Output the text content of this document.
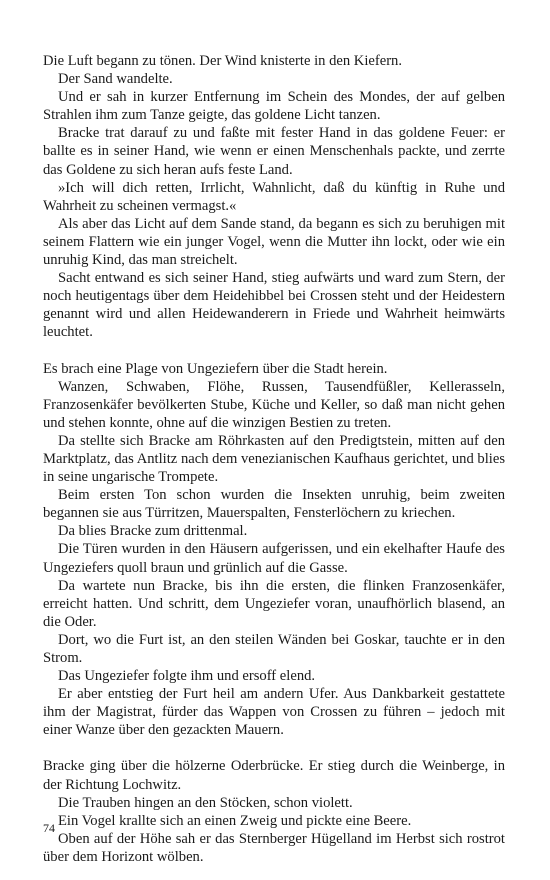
Die Luft begann zu tönen. Der Wind knisterte in den Kiefern.

Der Sand wandelte.

Und er sah in kurzer Entfernung im Schein des Mondes, der auf gelben Strahlen ihm zum Tanze geigte, das goldene Licht tanzen.

Bracke trat darauf zu und faßte mit fester Hand in das goldene Feuer: er ballte es in seiner Hand, wie wenn er einen Menschenhals packte, und zerrte das Goldene zu sich heran aufs feste Land.

»Ich will dich retten, Irrlicht, Wahnlicht, daß du künftig in Ruhe und Wahrheit zu scheinen vermagst.«

Als aber das Licht auf dem Sande stand, da begann es sich zu beruhigen mit seinem Flattern wie ein junger Vogel, wenn die Mutter ihn lockt, oder wie ein unruhig Kind, das man streichelt.

Sacht entwand es sich seiner Hand, stieg aufwärts und ward zum Stern, der noch heutigentags über dem Heidehibbel bei Crossen steht und der Heidestern genannt wird und allen Heidewanderern in Friede und Wahrheit heimwärts leuchtet.

Es brach eine Plage von Ungeziefern über die Stadt herein.

Wanzen, Schwaben, Flöhe, Russen, Tausendfüßler, Kellerasseln, Franzosenkäfer bevölkerten Stube, Küche und Keller, so daß man nicht gehen und stehen konnte, ohne auf die winzigen Bestien zu treten.

Da stellte sich Bracke am Röhrkasten auf den Predigtstein, mitten auf den Marktplatz, das Antlitz nach dem venezianischen Kaufhaus gerichtet, und blies in seine ungarische Trompete.

Beim ersten Ton schon wurden die Insekten unruhig, beim zweiten begannen sie aus Türritzen, Mauerspalten, Fensterlöchern zu kriechen.

Da blies Bracke zum drittenmal.

Die Türen wurden in den Häusern aufgerissen, und ein ekelhafter Haufe des Ungeziefers quoll braun und grünlich auf die Gasse.

Da wartete nun Bracke, bis ihn die ersten, die flinken Franzosenkäfer, erreicht hatten. Und schritt, dem Ungeziefer voran, unaufhörlich blasend, an die Oder.

Dort, wo die Furt ist, an den steilen Wänden bei Goskar, tauchte er in den Strom.

Das Ungeziefer folgte ihm und ersoff elend.

Er aber entstieg der Furt heil am andern Ufer. Aus Dankbarkeit gestattete ihm der Magistrat, fürder das Wappen von Crossen zu führen – jedoch mit einer Wanze über den gezackten Mauern.

Bracke ging über die hölzerne Oderbrücke. Er stieg durch die Weinberge, in der Richtung Lochwitz.

Die Trauben hingen an den Stöcken, schon violett.

Ein Vogel krallte sich an einen Zweig und pickte eine Beere.

Oben auf der Höhe sah er das Sternberger Hügelland im Herbst sich rostrot über dem Horizont wölben.

74
